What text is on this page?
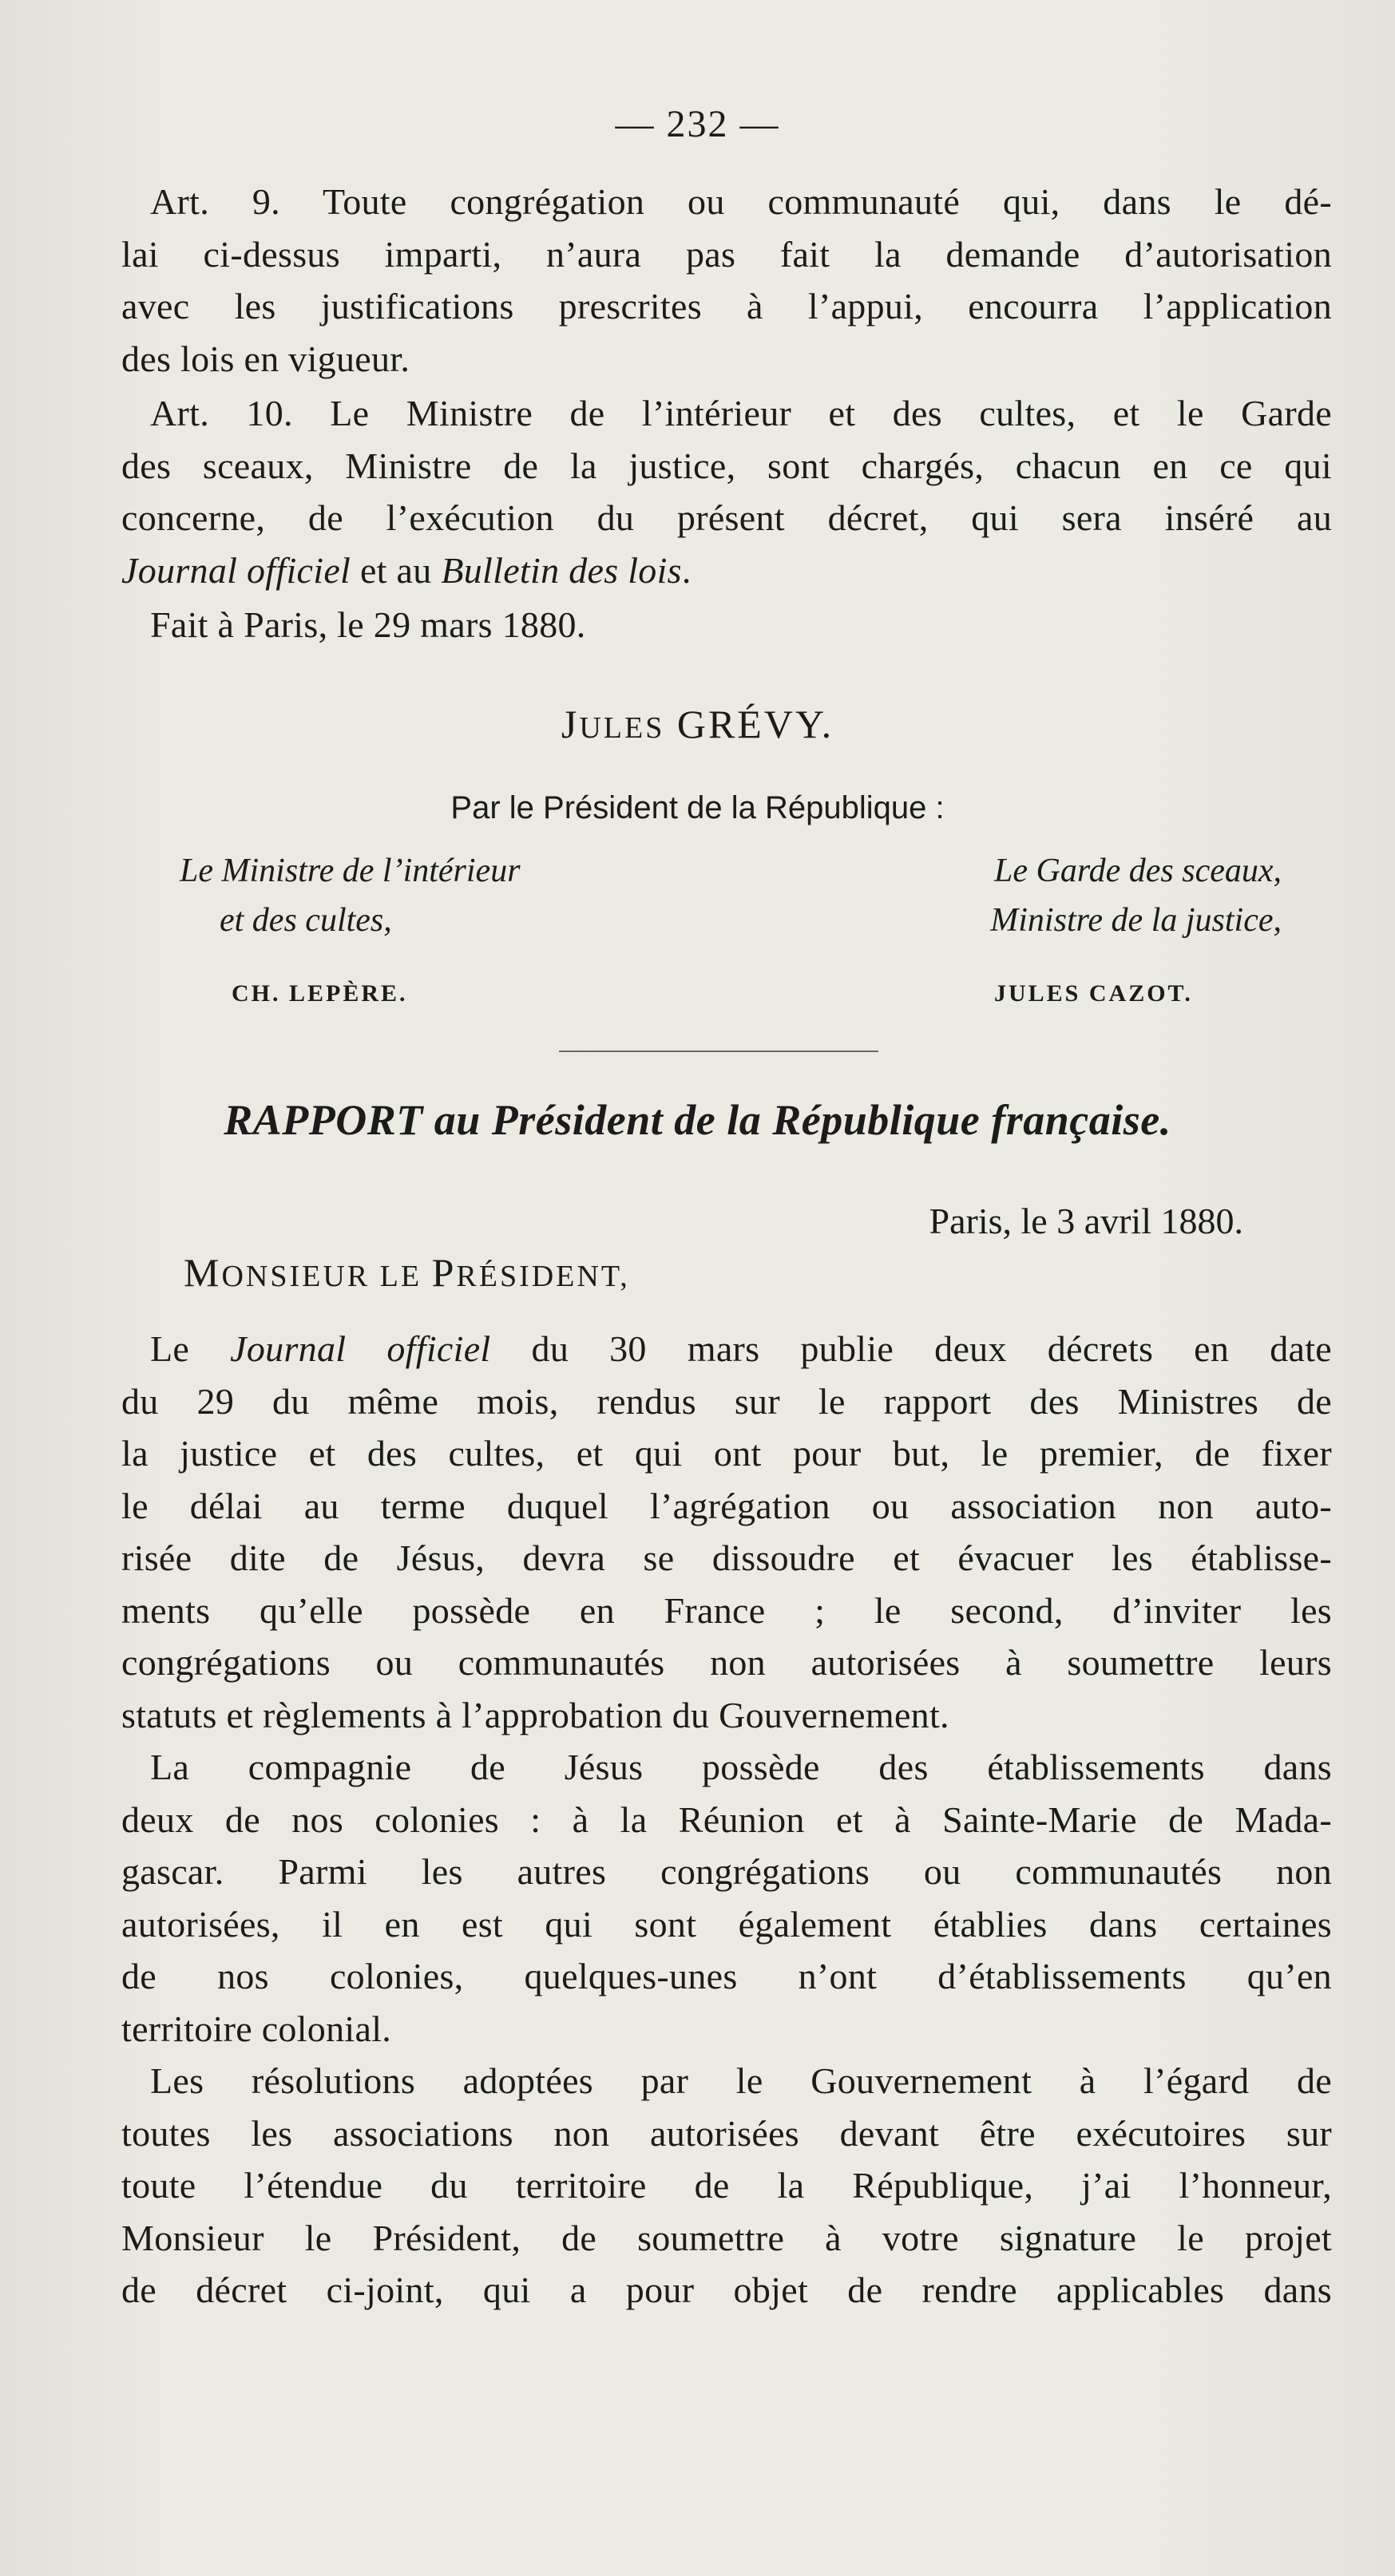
— 232 —
Art. 9. Toute congrégation ou communauté qui, dans le dé-
lai ci-dessus imparti, n’aura pas fait la demande d’autorisation
avec les justifications prescrites à l’appui, encourra l’application
des lois en vigueur.
Art. 10. Le Ministre de l’intérieur et des cultes, et le Garde
des sceaux, Ministre de la justice, sont chargés, chacun en ce qui
concerne, de l’exécution du présent décret, qui sera inséré au
Journal officiel et au Bulletin des lois.
Fait à Paris, le 29 mars 1880.
JULES GRÉVY.
Par le Président de la République :
Le Ministre de l’intérieur
et des cultes,
Le Garde des sceaux,
Ministre de la justice,
CH. LEPÈRE.	JULES CAZOT.
RAPPORT au Président de la République française.
Paris, le 3 avril 1880.
MONSIEUR LE PRÉSIDENT,
Le Journal officiel du 30 mars publie deux décrets en date
du 29 du même mois, rendus sur le rapport des Ministres de
la justice et des cultes, et qui ont pour but, le premier, de fixer
le délai au terme duquel l’agrégation ou association non auto-
risée dite de Jésus, devra se dissoudre et évacuer les établisse-
ments qu’elle possède en France ; le second, d’inviter les
congrégations ou communautés non autorisées à soumettre leurs
statuts et règlements à l’approbation du Gouvernement.
La compagnie de Jésus possède des établissements dans
deux de nos colonies : à la Réunion et à Sainte-Marie de Mada-
gascar. Parmi les autres congrégations ou communautés non
autorisées, il en est qui sont également établies dans certaines
de nos colonies, quelques-unes n’ont d’établissements qu’en
territoire colonial.
Les résolutions adoptées par le Gouvernement à l’égard de
toutes les associations non autorisées devant être exécutoires sur
toute l’étendue du territoire de la République, j’ai l’honneur,
Monsieur le Président, de soumettre à votre signature le projet
de décret ci-joint, qui a pour objet de rendre applicables dans
